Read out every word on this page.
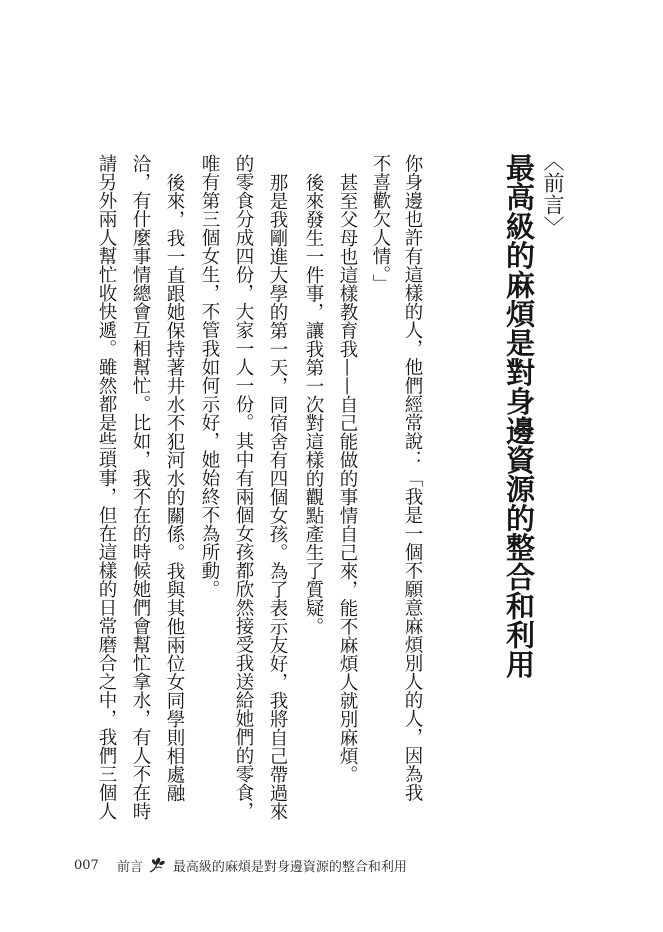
〈前言〉
最高級的麻煩是對身邊資源的整合和利用
你身邊也許有這樣的人，他們經常說：「我是一個不願意麻煩別人的人，因為我
不喜歡欠人情。」
甚至父母也這樣教育我——自己能做的事情自己來，能不麻煩人就別麻煩。
後來發生一件事，讓我第一次對這樣的觀點產生了質疑。
那是我剛進大學的第一天，同宿舍有四個女孩。為了表示友好，我將自己帶過來
的零食分成四份，大家一人一份。其中有兩個女孩都欣然接受我送給她們的零食，
唯有第三個女生，不管我如何示好，她始終不為所動。
後來，我一直跟她保持著井水不犯河水的關係。我與其他兩位女同學則相處融
洽，有什麼事情總會互相幫忙。比如，我不在的時候她們會幫忙拿水，有人不在時
請另外兩人幫忙收快遞。雖然都是些瑣事，但在這樣的日常磨合之中，我們三個人
007 前言 最高級的麻煩是對身邊資源的整合和利用
